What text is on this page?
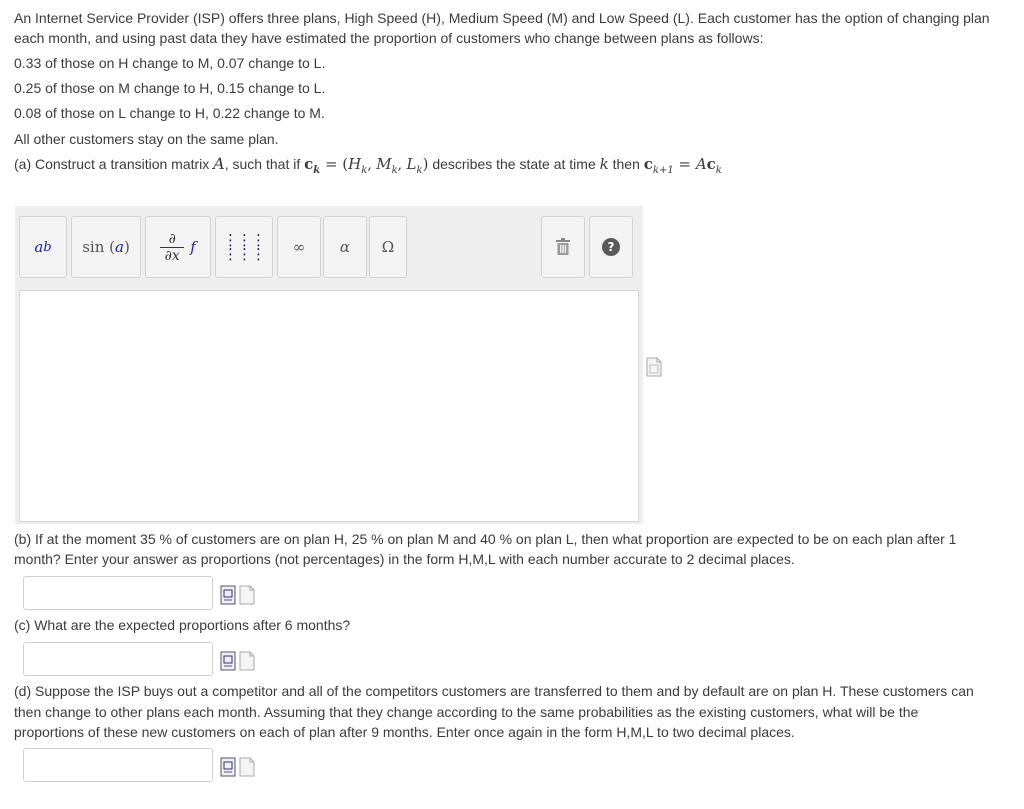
An Internet Service Provider (ISP) offers three plans, High Speed (H), Medium Speed (M) and Low Speed (L). Each customer has the option of changing plan

each month, and using past data they have estimated the proportion of customers who change between plans as follows:

0.33 of those on H change to M, 0.07 change to L.

0.25 of those on M change to H, 0.15 change to L.

0.08 of those on L change to H, 0.22 change to M.

All other customers stay on the same plan.

(a) Construct a transition matrix A, such that if $c_k = (H_k$, $M_k$, $L_k$) describes the state at time k then $c_{k+1} = Ac_k$

a b sin ( a )	∂
∂x f ⋮⋮⋮
⋮⋮⋮ ∞ α Ω	?

(b) If at the moment 35 % of customers are on plan H, 25 % on plan M and 40 % on plan L, then what proportion are expected to be on each plan after 1

month? Enter your answer as proportions (not percentages) in the form H,M,L with each number accurate to 2 decimal places.

(c) What are the expected proportions after 6 months?

(d) Suppose the ISP buys out a competitor and all of the competitors customers are transferred to them and by default are on plan H. These customers can

then change to other plans each month. Assuming that they change according to the same probabilities as the existing customers, what will be the

proportions of these new customers on each of plan after 9 months. Enter once again in the form H,M,L to two decimal places.
